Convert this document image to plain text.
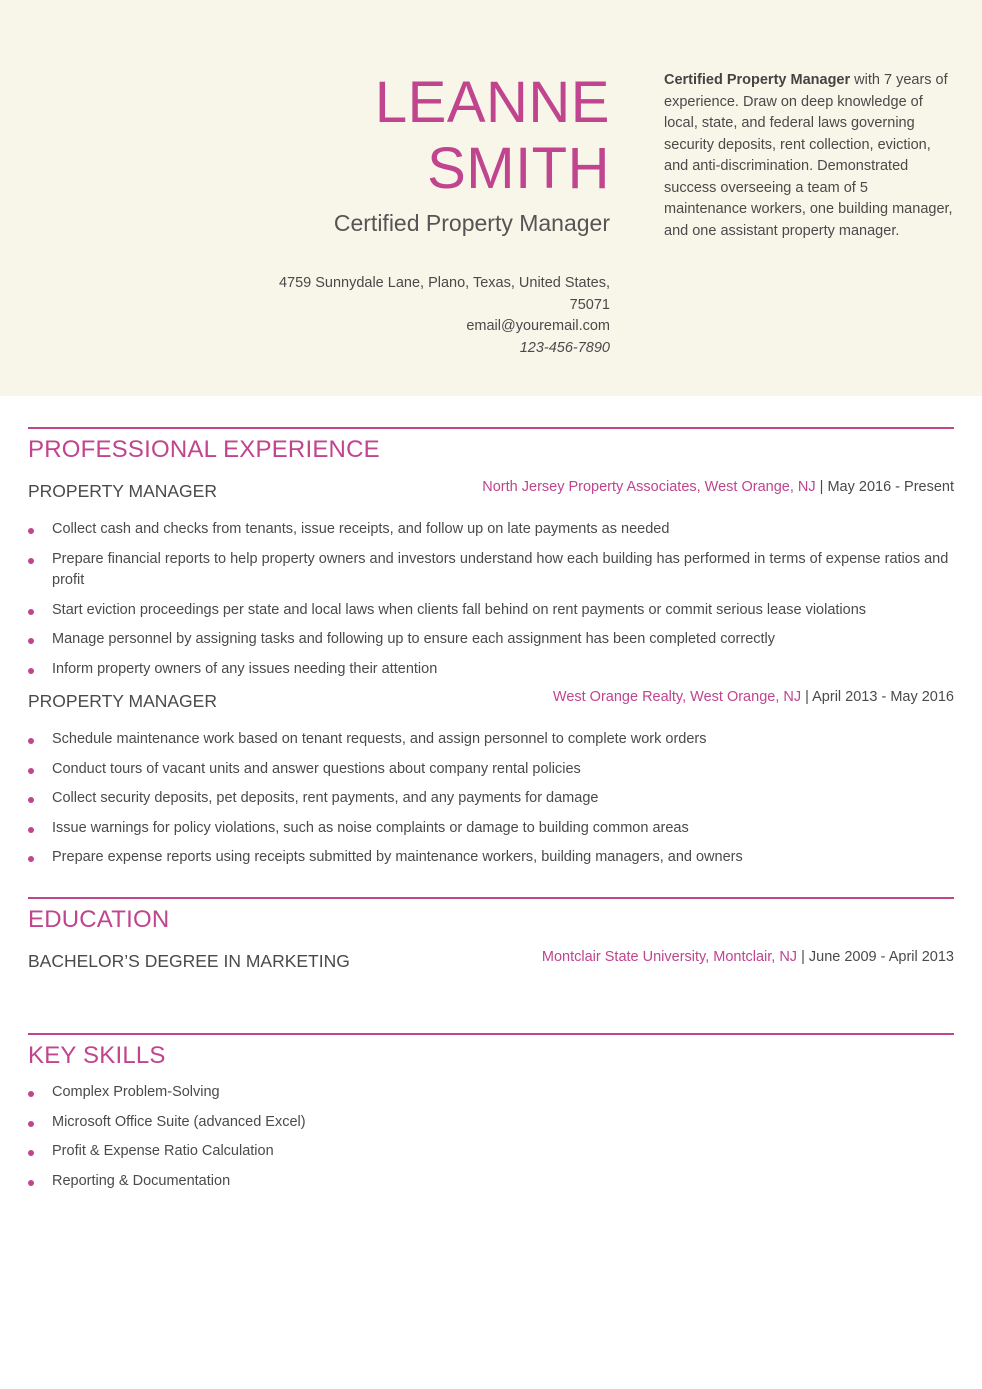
LEANNE
SMITH
Certified Property Manager
4759 Sunnydale Lane, Plano, Texas, United States,
75071
email@youremail.com
123-456-7890
Certified Property Manager with 7 years of experience. Draw on deep knowledge of local, state, and federal laws governing security deposits, rent collection, eviction, and anti-discrimination. Demonstrated success overseeing a team of 5 maintenance workers, one building manager, and one assistant property manager.
PROFESSIONAL EXPERIENCE
PROPERTY MANAGER	North Jersey Property Associates, West Orange, NJ | May 2016 - Present
Collect cash and checks from tenants, issue receipts, and follow up on late payments as needed
Prepare financial reports to help property owners and investors understand how each building has performed in terms of expense ratios and profit
Start eviction proceedings per state and local laws when clients fall behind on rent payments or commit serious lease violations
Manage personnel by assigning tasks and following up to ensure each assignment has been completed correctly
Inform property owners of any issues needing their attention
PROPERTY MANAGER	West Orange Realty, West Orange, NJ | April 2013 - May 2016
Schedule maintenance work based on tenant requests, and assign personnel to complete work orders
Conduct tours of vacant units and answer questions about company rental policies
Collect security deposits, pet deposits, rent payments, and any payments for damage
Issue warnings for policy violations, such as noise complaints or damage to building common areas
Prepare expense reports using receipts submitted by maintenance workers, building managers, and owners
EDUCATION
BACHELOR’S DEGREE IN MARKETING	Montclair State University, Montclair, NJ | June 2009 - April 2013
KEY SKILLS
Complex Problem-Solving
Microsoft Office Suite (advanced Excel)
Profit & Expense Ratio Calculation
Reporting & Documentation
